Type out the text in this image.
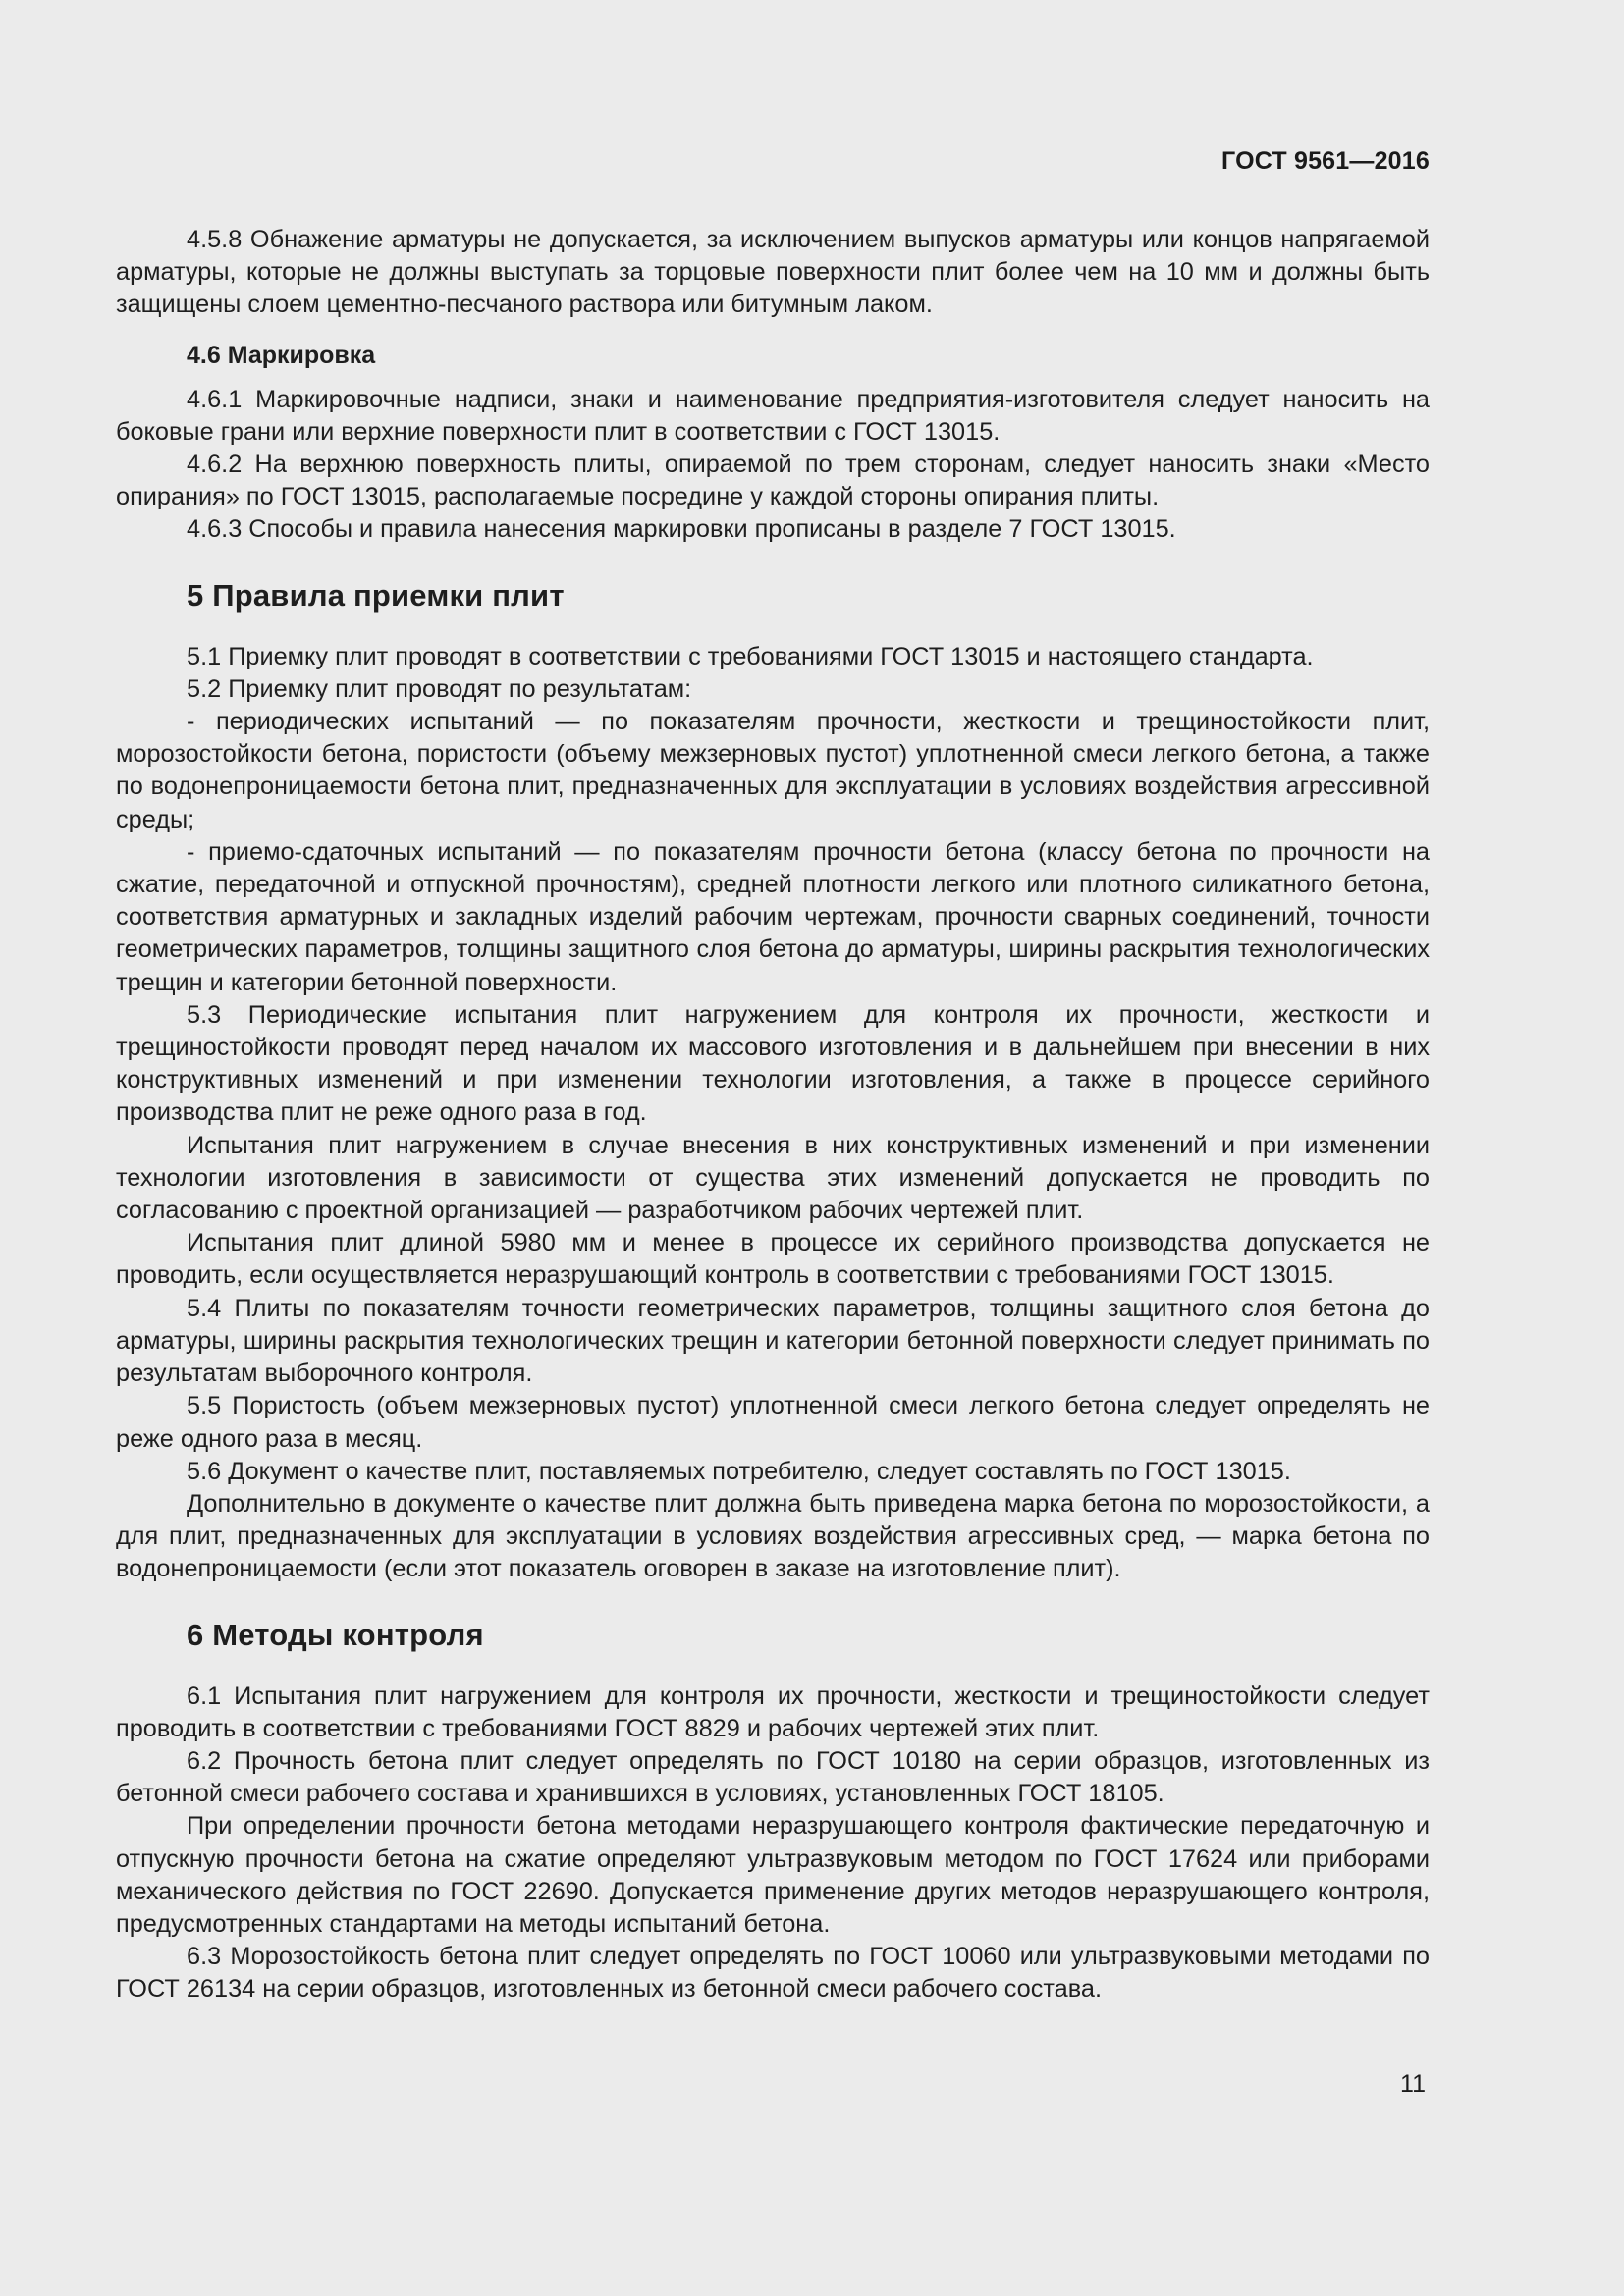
ГОСТ 9561—2016

4.5.8 Обнажение арматуры не допускается, за исключением выпусков арматуры или концов напрягаемой арматуры, которые не должны выступать за торцовые поверхности плит более чем на 10 мм и должны быть защищены слоем цементно-песчаного раствора или битумным лаком.

4.6 Маркировка

4.6.1 Маркировочные надписи, знаки и наименование предприятия-изготовителя следует наносить на боковые грани или верхние поверхности плит в соответствии с ГОСТ 13015.

4.6.2 На верхнюю поверхность плиты, опираемой по трем сторонам, следует наносить знаки «Место опирания» по ГОСТ 13015, располагаемые посредине у каждой стороны опирания плиты.

4.6.3 Способы и правила нанесения маркировки прописаны в разделе 7 ГОСТ 13015.

5 Правила приемки плит

5.1 Приемку плит проводят в соответствии с требованиями ГОСТ 13015 и настоящего стандарта.

5.2 Приемку плит проводят по результатам:

- периодических испытаний — по показателям прочности, жесткости и трещиностойкости плит, морозостойкости бетона, пористости (объему межзерновых пустот) уплотненной смеси легкого бетона, а также по водонепроницаемости бетона плит, предназначенных для эксплуатации в условиях воздействия агрессивной среды;

- приемо-сдаточных испытаний — по показателям прочности бетона (классу бетона по прочности на сжатие, передаточной и отпускной прочностям), средней плотности легкого или плотного силикатного бетона, соответствия арматурных и закладных изделий рабочим чертежам, прочности сварных соединений, точности геометрических параметров, толщины защитного слоя бетона до арматуры, ширины раскрытия технологических трещин и категории бетонной поверхности.

5.3 Периодические испытания плит нагружением для контроля их прочности, жесткости и трещиностойкости проводят перед началом их массового изготовления и в дальнейшем при внесении в них конструктивных изменений и при изменении технологии изготовления, а также в процессе серийного производства плит не реже одного раза в год.

Испытания плит нагружением в случае внесения в них конструктивных изменений и при изменении технологии изготовления в зависимости от существа этих изменений допускается не проводить по согласованию с проектной организацией — разработчиком рабочих чертежей плит.

Испытания плит длиной 5980 мм и менее в процессе их серийного производства допускается не проводить, если осуществляется неразрушающий контроль в соответствии с требованиями ГОСТ 13015.

5.4 Плиты по показателям точности геометрических параметров, толщины защитного слоя бетона до арматуры, ширины раскрытия технологических трещин и категории бетонной поверхности следует принимать по результатам выборочного контроля.

5.5 Пористость (объем межзерновых пустот) уплотненной смеси легкого бетона следует определять не реже одного раза в месяц.

5.6 Документ о качестве плит, поставляемых потребителю, следует составлять по ГОСТ 13015.

Дополнительно в документе о качестве плит должна быть приведена марка бетона по морозостойкости, а для плит, предназначенных для эксплуатации в условиях воздействия агрессивных сред, — марка бетона по водонепроницаемости (если этот показатель оговорен в заказе на изготовление плит).

6 Методы контроля

6.1 Испытания плит нагружением для контроля их прочности, жесткости и трещиностойкости следует проводить в соответствии с требованиями ГОСТ 8829 и рабочих чертежей этих плит.

6.2 Прочность бетона плит следует определять по ГОСТ 10180 на серии образцов, изготовленных из бетонной смеси рабочего состава и хранившихся в условиях, установленных ГОСТ 18105.

При определении прочности бетона методами неразрушающего контроля фактические передаточную и отпускную прочности бетона на сжатие определяют ультразвуковым методом по ГОСТ 17624 или приборами механического действия по ГОСТ 22690. Допускается применение других методов неразрушающего контроля, предусмотренных стандартами на методы испытаний бетона.

6.3 Морозостойкость бетона плит следует определять по ГОСТ 10060 или ультразвуковыми методами по ГОСТ 26134 на серии образцов, изготовленных из бетонной смеси рабочего состава.

11
